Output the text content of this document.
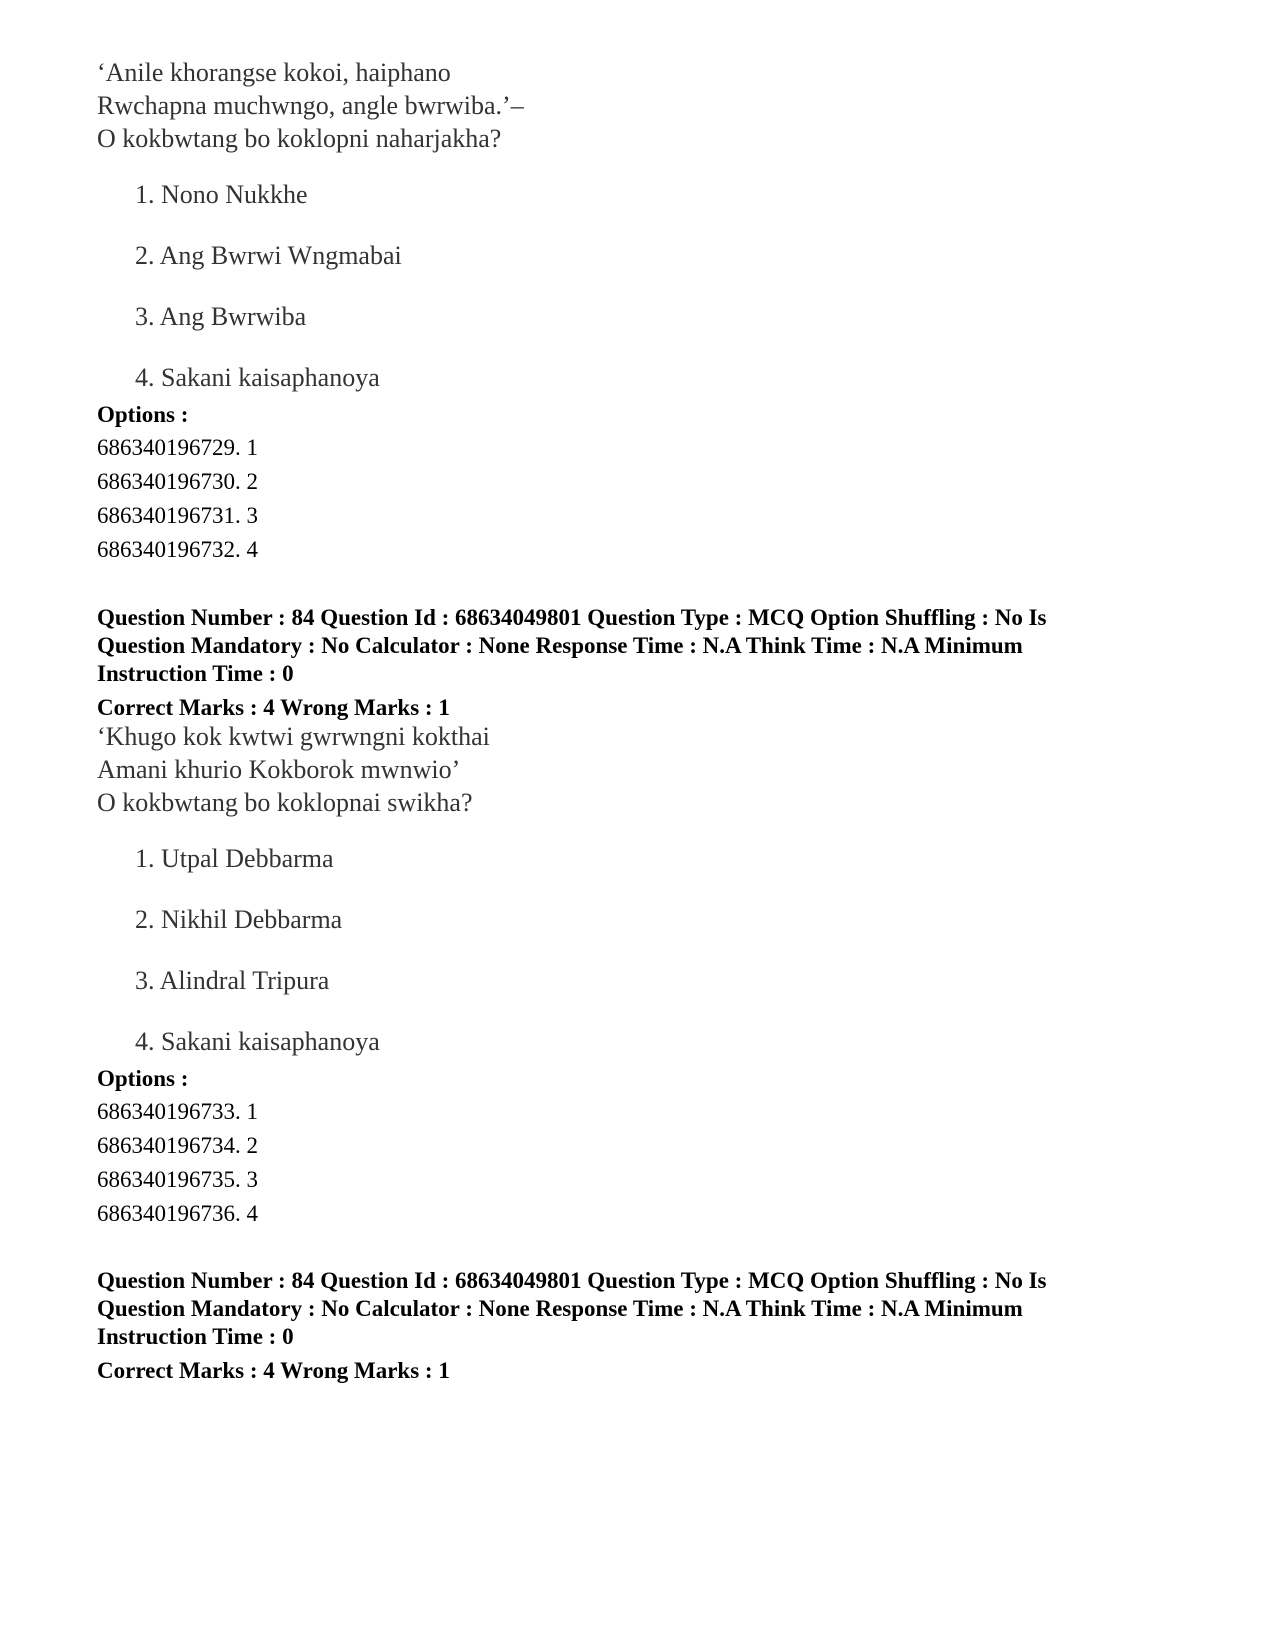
‘Anile khorangse kokoi, haiphano
Rwchapna muchwngo, angle bwrwiba.’–
O kokbwtang bo koklopni naharjakha?
1. Nono Nukkhe
2. Ang Bwrwi Wngmabai
3. Ang Bwrwiba
4. Sakani kaisaphanoya
Options :
686340196729. 1
686340196730. 2
686340196731. 3
686340196732. 4
Question Number : 84 Question Id : 68634049801 Question Type : MCQ Option Shuffling : No Is
Question Mandatory : No Calculator : None Response Time : N.A Think Time : N.A Minimum
Instruction Time : 0
Correct Marks : 4 Wrong Marks : 1
‘Khugo kok kwtwi gwrwngni kokthai
Amani khurio Kokborok mwnwio’
O kokbwtang bo koklopnai swikha?
1. Utpal Debbarma
2. Nikhil Debbarma
3. Alindral Tripura
4. Sakani kaisaphanoya
Options :
686340196733. 1
686340196734. 2
686340196735. 3
686340196736. 4
Question Number : 84 Question Id : 68634049801 Question Type : MCQ Option Shuffling : No Is
Question Mandatory : No Calculator : None Response Time : N.A Think Time : N.A Minimum
Instruction Time : 0
Correct Marks : 4 Wrong Marks : 1
